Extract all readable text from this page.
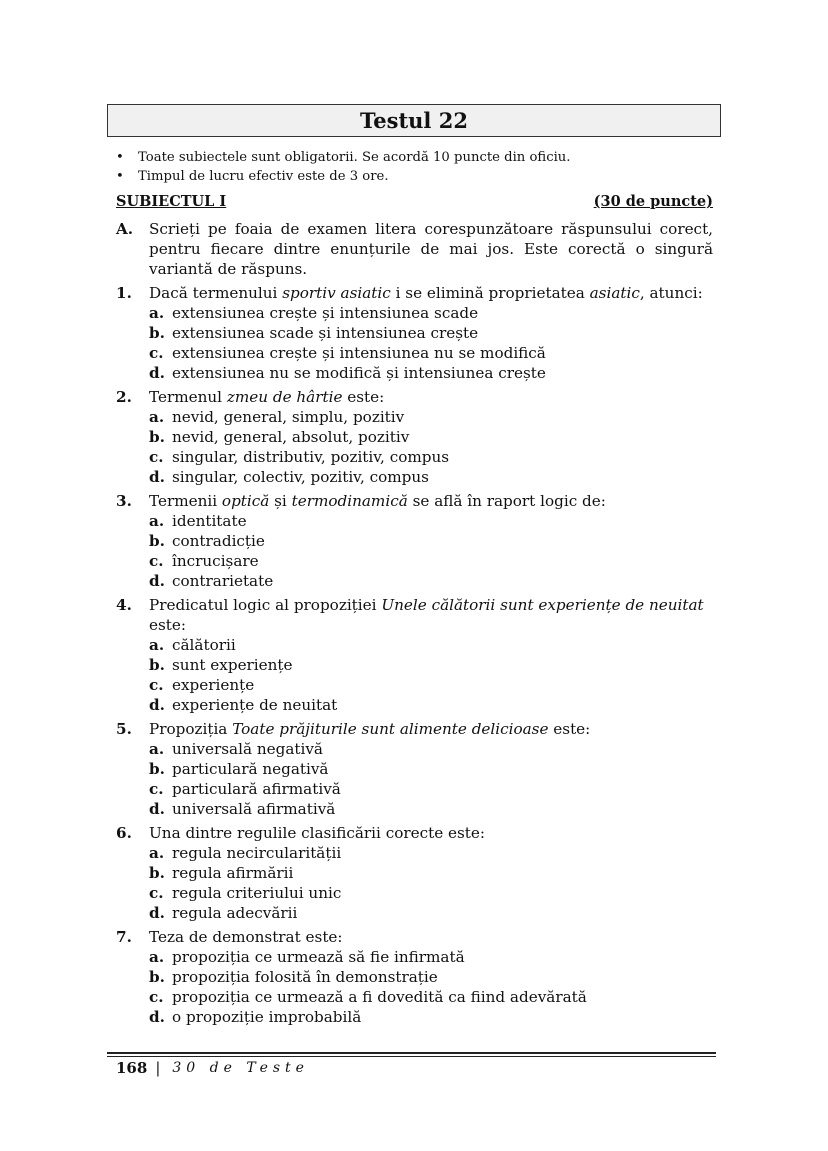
Testul 22
•	Toate subiectele sunt obligatorii. Se acordă 10 puncte din oficiu.
•	Timpul de lucru efectiv este de 3 ore.
SUBIECTUL I	(30 de puncte)
A.	Scrieți pe foaia de examen litera corespunzătoare răspunsului corect, pentru fiecare dintre enunțurile de mai jos. Este corectă o singură variantă de răspuns.
1.	Dacă termenului sportiv asiatic i se elimină proprietatea asiatic, atunci:
a. extensiunea crește și intensiunea scade
b. extensiunea scade și intensiunea crește
c. extensiunea crește și intensiunea nu se modifică
d. extensiunea nu se modifică și intensiunea crește
2.	Termenul zmeu de hârtie este:
a. nevid, general, simplu, pozitiv
b. nevid, general, absolut, pozitiv
c. singular, distributiv, pozitiv, compus
d. singular, colectiv, pozitiv, compus
3.	Termenii optică și termodinamică se află în raport logic de:
a. identitate
b. contradicție
c. încrucișare
d. contrarietate
4.	Predicatul logic al propoziției Unele călătorii sunt experiențe de neuitat este:
a. călătorii
b. sunt experiențe
c. experiențe
d. experiențe de neuitat
5.	Propoziția Toate prăjiturile sunt alimente delicioase este:
a. universală negativă
b. particulară negativă
c. particulară afirmativă
d. universală afirmativă
6.	Una dintre regulile clasificării corecte este:
a. regula necircularității
b. regula afirmării
c. regula criteriului unic
d. regula adecvării
7.	Teza de demonstrat este:
a. propoziția ce urmează să fie infirmată
b. propoziția folosită în demonstrație
c. propoziția ce urmează a fi dovedită ca fiind adevărată
d. o propoziție improbabilă
168 | 30 de Teste
